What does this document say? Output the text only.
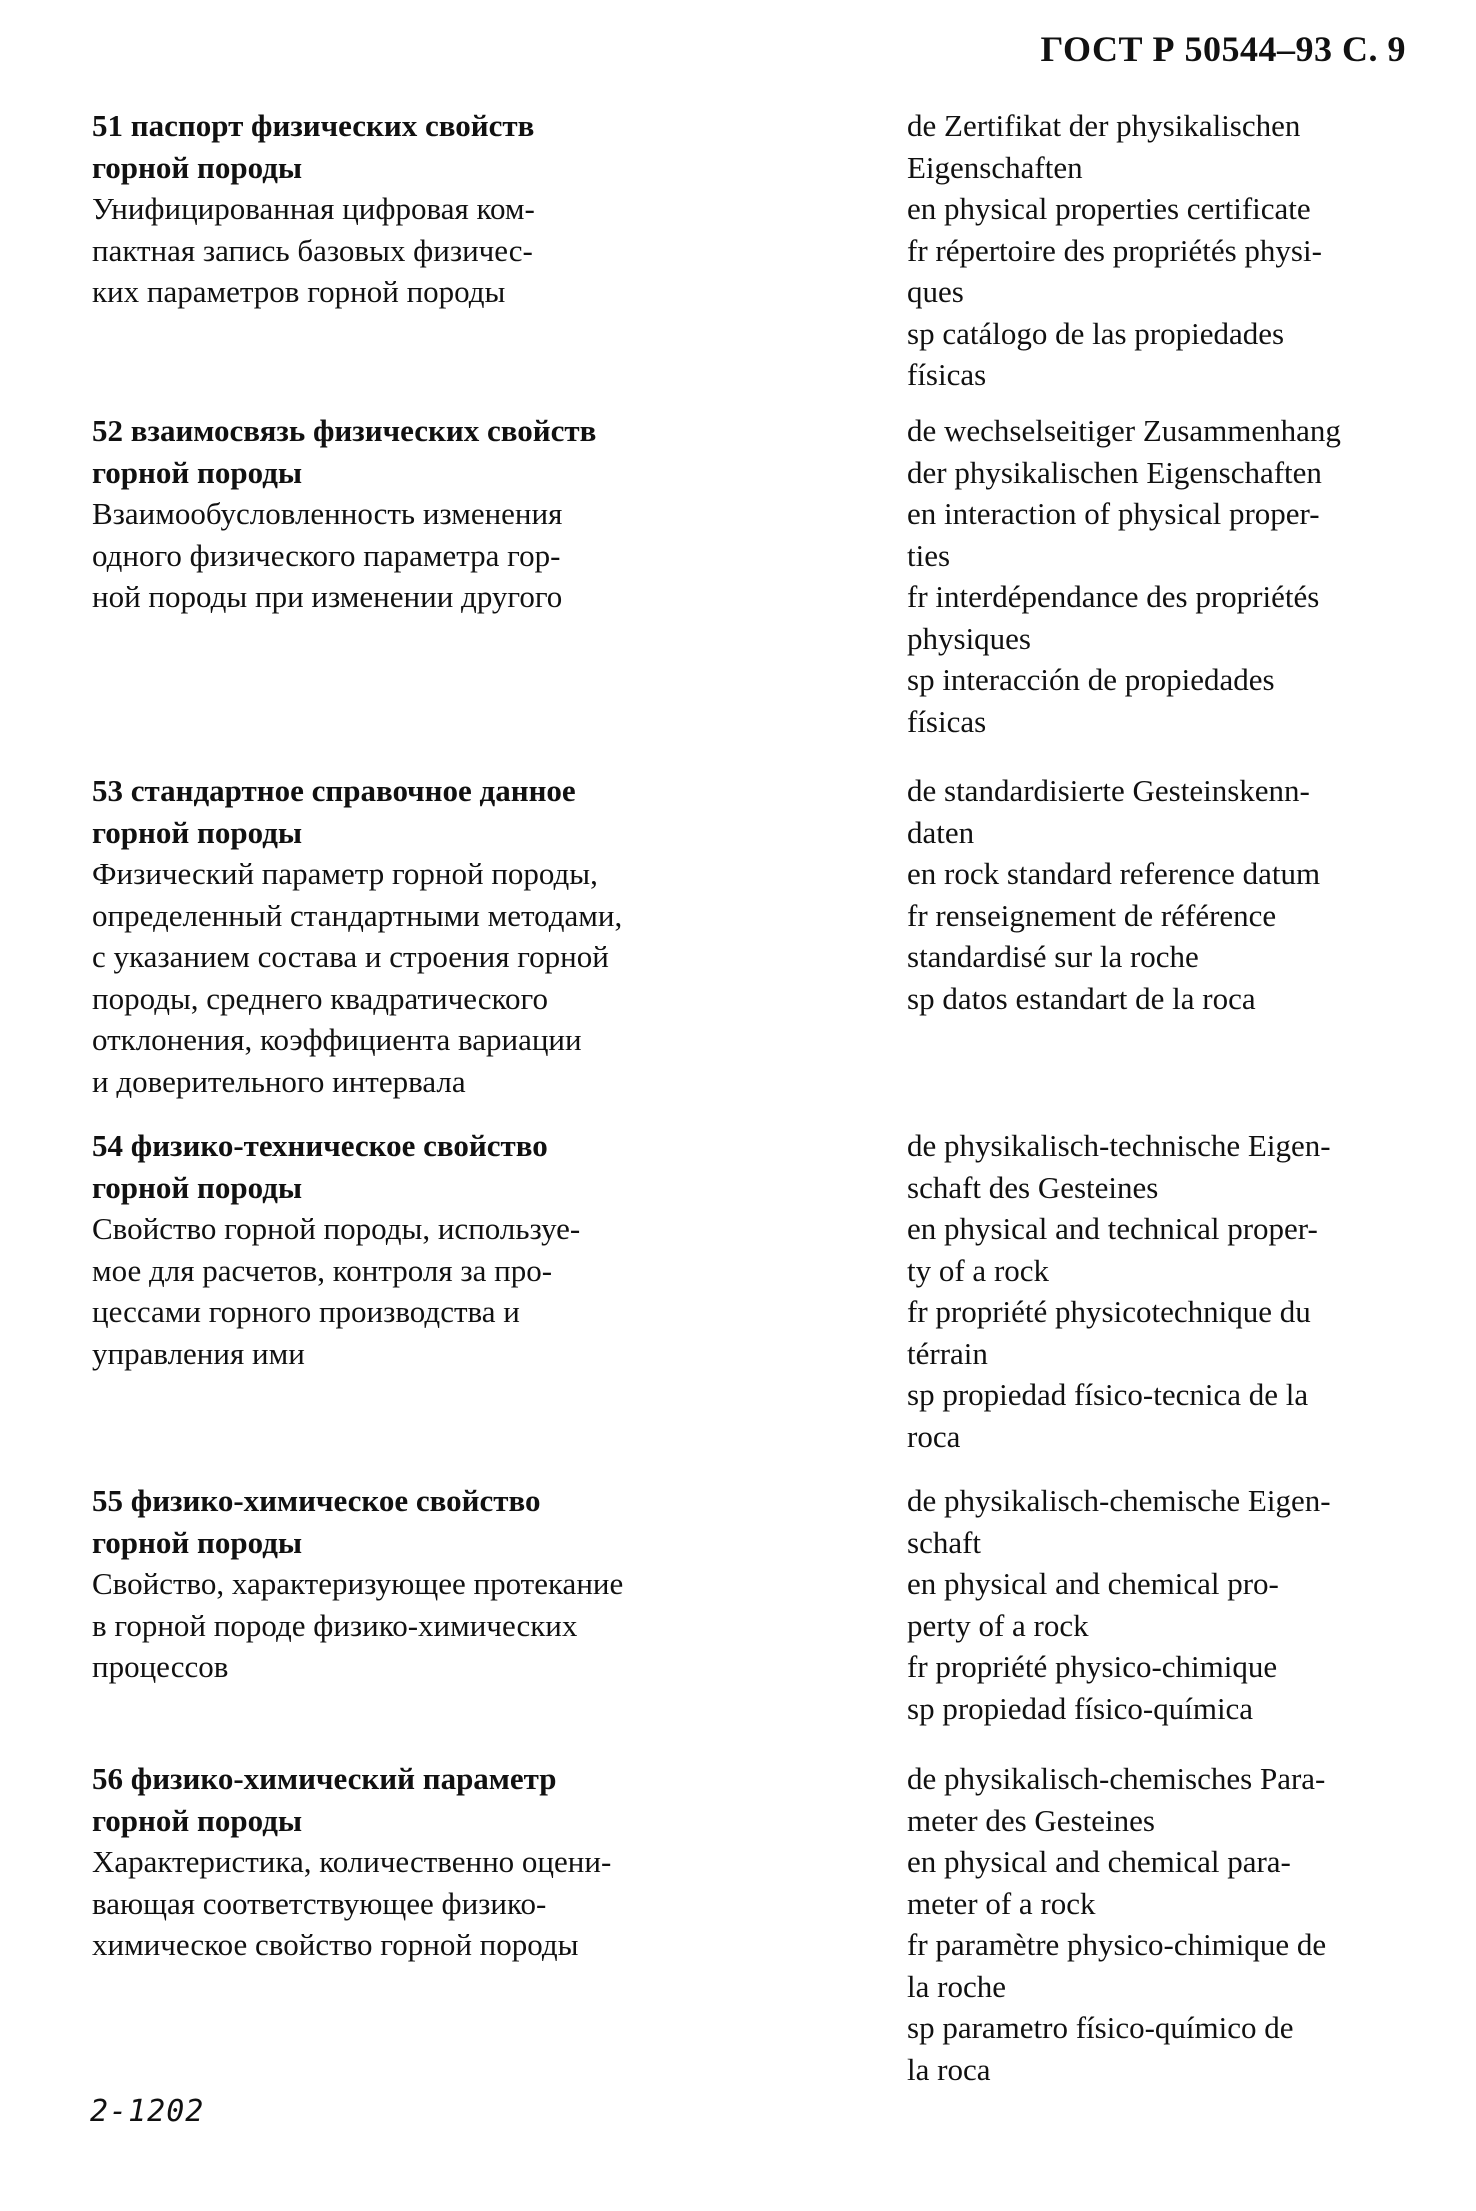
ГОСТ Р 50544–93 С. 9
51 паспорт физических свойств
горной породы
Унифицированная цифровая ком-
пактная запись базовых физичес-
ких параметров горной породы
de Zertifikat der physikalischen
Eigenschaften
en physical properties certificate
fr répertoire des propriétés physi-
ques
sp catálogo de las propiedades
físicas
52 взаимосвязь физических свойств
горной породы
Взаимообусловленность изменения
одного физического параметра гор-
ной породы при изменении другого
de wechselseitiger Zusammenhang
der physikalischen Eigenschaften
en interaction of physical proper-
ties
fr interdépendance des propriétés
physiques
sp interacción de propiedades
físicas
53 стандартное справочное данное
горной породы
Физический параметр горной породы,
определенный стандартными методами,
с указанием состава и строения горной
породы, среднего квадратического
отклонения, коэффициента вариации
и доверительного интервала
de standardisierte Gesteinskenn-
daten
en rock standard reference datum
fr renseignement de référence
standardisé sur la roche
sp datos estandart de la roca
54 физико-техническое свойство
горной породы
Свойство горной породы, используе-
мое для расчетов, контроля за про-
цессами горного производства и
управления ими
de physikalisch-technische Eigen-
schaft des Gesteines
en physical and technical proper-
ty of a rock
fr propriété physicotechnique du
térrain
sp propiedad físico-tecnica de la
roca
55 физико-химическое свойство
горной породы
Свойство, характеризующее протекание
в горной породе физико-химических
процессов
de physikalisch-chemische Eigen-
schaft
en physical and chemical pro-
perty of a rock
fr propriété physico-chimique
sp propiedad físico-química
56 физико-химический параметр
горной породы
Характеристика, количественно оцени-
вающая соответствующее физико-
химическое свойство горной породы
de physikalisch-chemisches Para-
meter des Gesteines
en physical and chemical para-
meter of a rock
fr paramètre physico-chimique de
la roche
sp parametro físico-químico de
la roca
2-1202
